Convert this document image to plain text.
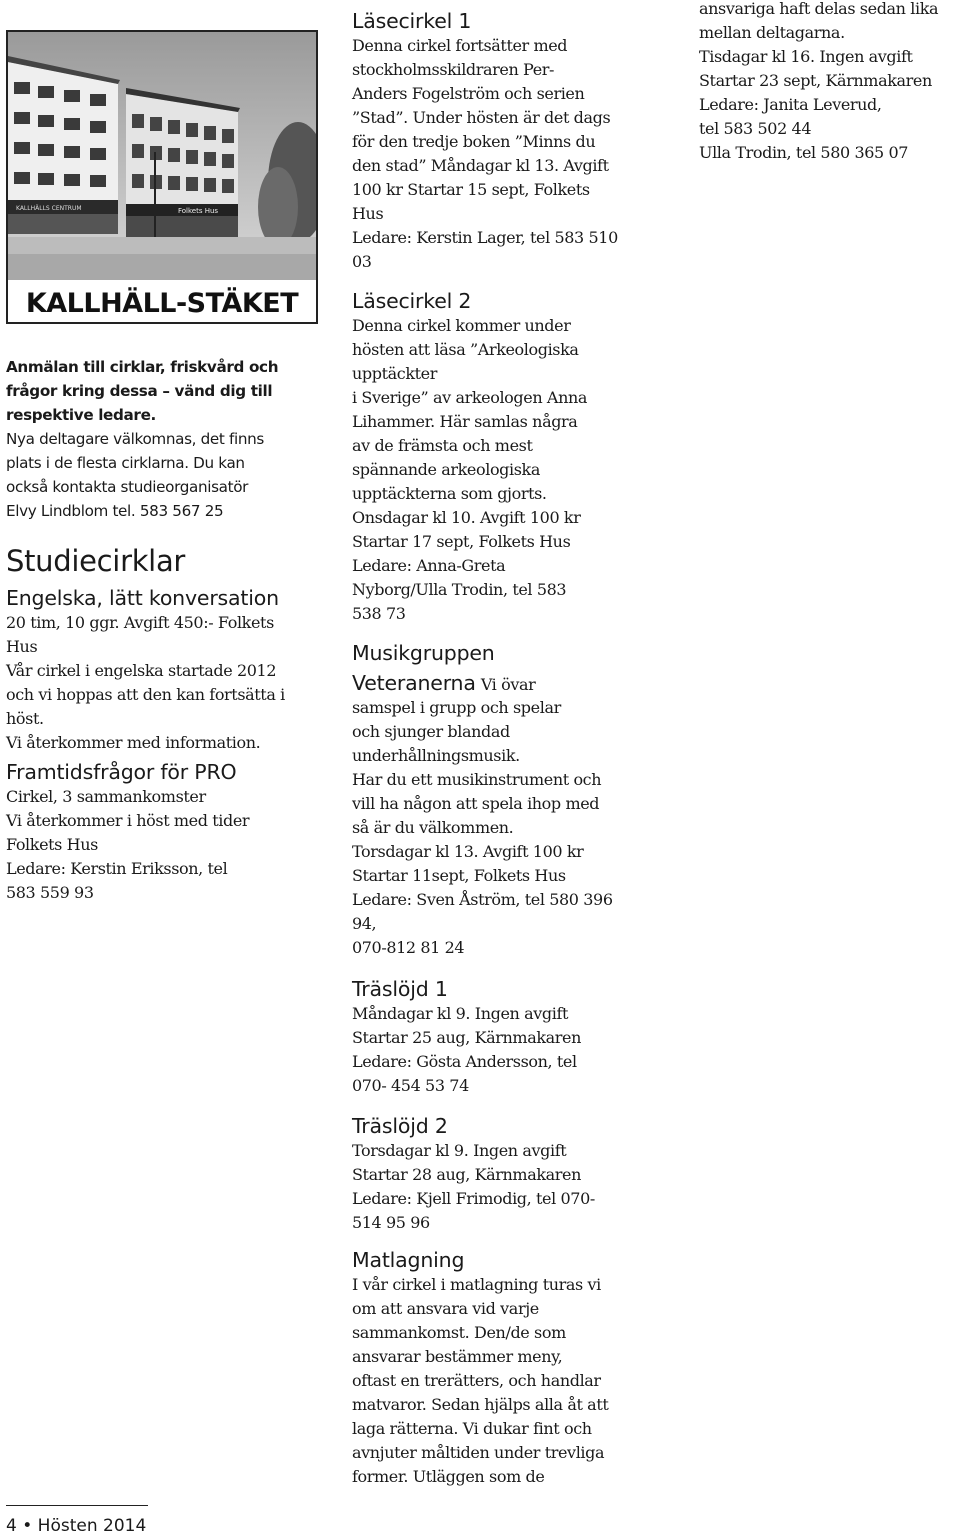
KALLHÄLLS CENTRUM	Folkets Hus
KALLHÄLL-STÄKET
Anmälan till cirklar, friskvård och
frågor kring dessa – vänd dig till
respektive ledare.
Nya deltagare välkomnas, det finns
plats i de flesta cirklarna. Du kan
också kontakta studieorganisatör
Elvy Lindblom tel. 583 567 25
Studiecirklar
Engelska, lätt konversation
20 tim, 10 ggr. Avgift 450:- Folkets
Hus
Vår cirkel i engelska startade 2012
och vi hoppas att den kan fortsätta i
höst.
Vi återkommer med information.
Framtidsfrågor för PRO
Cirkel, 3 sammankomster
Vi återkommer i höst med tider
Folkets Hus
Ledare: Kerstin Eriksson, tel
583 559 93
4 • Hösten 2014
Läsecirkel 1
Denna cirkel fortsätter med
stockholmsskildraren Per-
Anders Fogelström och serien
”Stad”. Under hösten är det dags
för den tredje boken ”Minns du
den stad” Måndagar kl 13. Avgift
100 kr Startar 15 sept, Folkets
Hus
Ledare: Kerstin Lager, tel 583 510
03
Läsecirkel 2
Denna cirkel kommer under
hösten att läsa ”Arkeologiska
upptäckter
i Sverige” av arkeologen Anna
Lihammer. Här samlas några
av de främsta och mest
spännande arkeologiska
upptäckterna som gjorts.
Onsdagar kl 10. Avgift 100 kr
Startar 17 sept, Folkets Hus
Ledare: Anna-Greta
Nyborg/Ulla Trodin, tel 583
538 73
Musikgruppen
Veteranerna Vi övar
samspel i grupp och spelar
och sjunger blandad
underhållningsmusik.
Har du ett musikinstrument och
vill ha någon att spela ihop med
så är du välkommen.
Torsdagar kl 13. Avgift 100 kr
Startar 11sept, Folkets Hus
Ledare: Sven Åström, tel 580 396
94,
070-812 81 24
Träslöjd 1
Måndagar kl 9. Ingen avgift
Startar 25 aug, Kärnmakaren
Ledare: Gösta Andersson, tel
070- 454 53 74
Träslöjd 2
Torsdagar kl 9. Ingen avgift
Startar 28 aug, Kärnmakaren
Ledare: Kjell Frimodig, tel 070-
514 95 96
Matlagning
I vår cirkel i matlagning turas vi
om att ansvara vid varje
sammankomst. Den/de som
ansvarar bestämmer meny,
oftast en trerätters, och handlar
matvaror. Sedan hjälps alla åt att
laga rätterna. Vi dukar fint och
avnjuter måltiden under trevliga
former. Utläggen som de
ansvariga haft delas sedan lika
mellan deltagarna.
Tisdagar kl 16. Ingen avgift
Startar 23 sept, Kärnmakaren
Ledare: Janita Leverud,
tel 583 502 44
Ulla Trodin, tel 580 365 07
